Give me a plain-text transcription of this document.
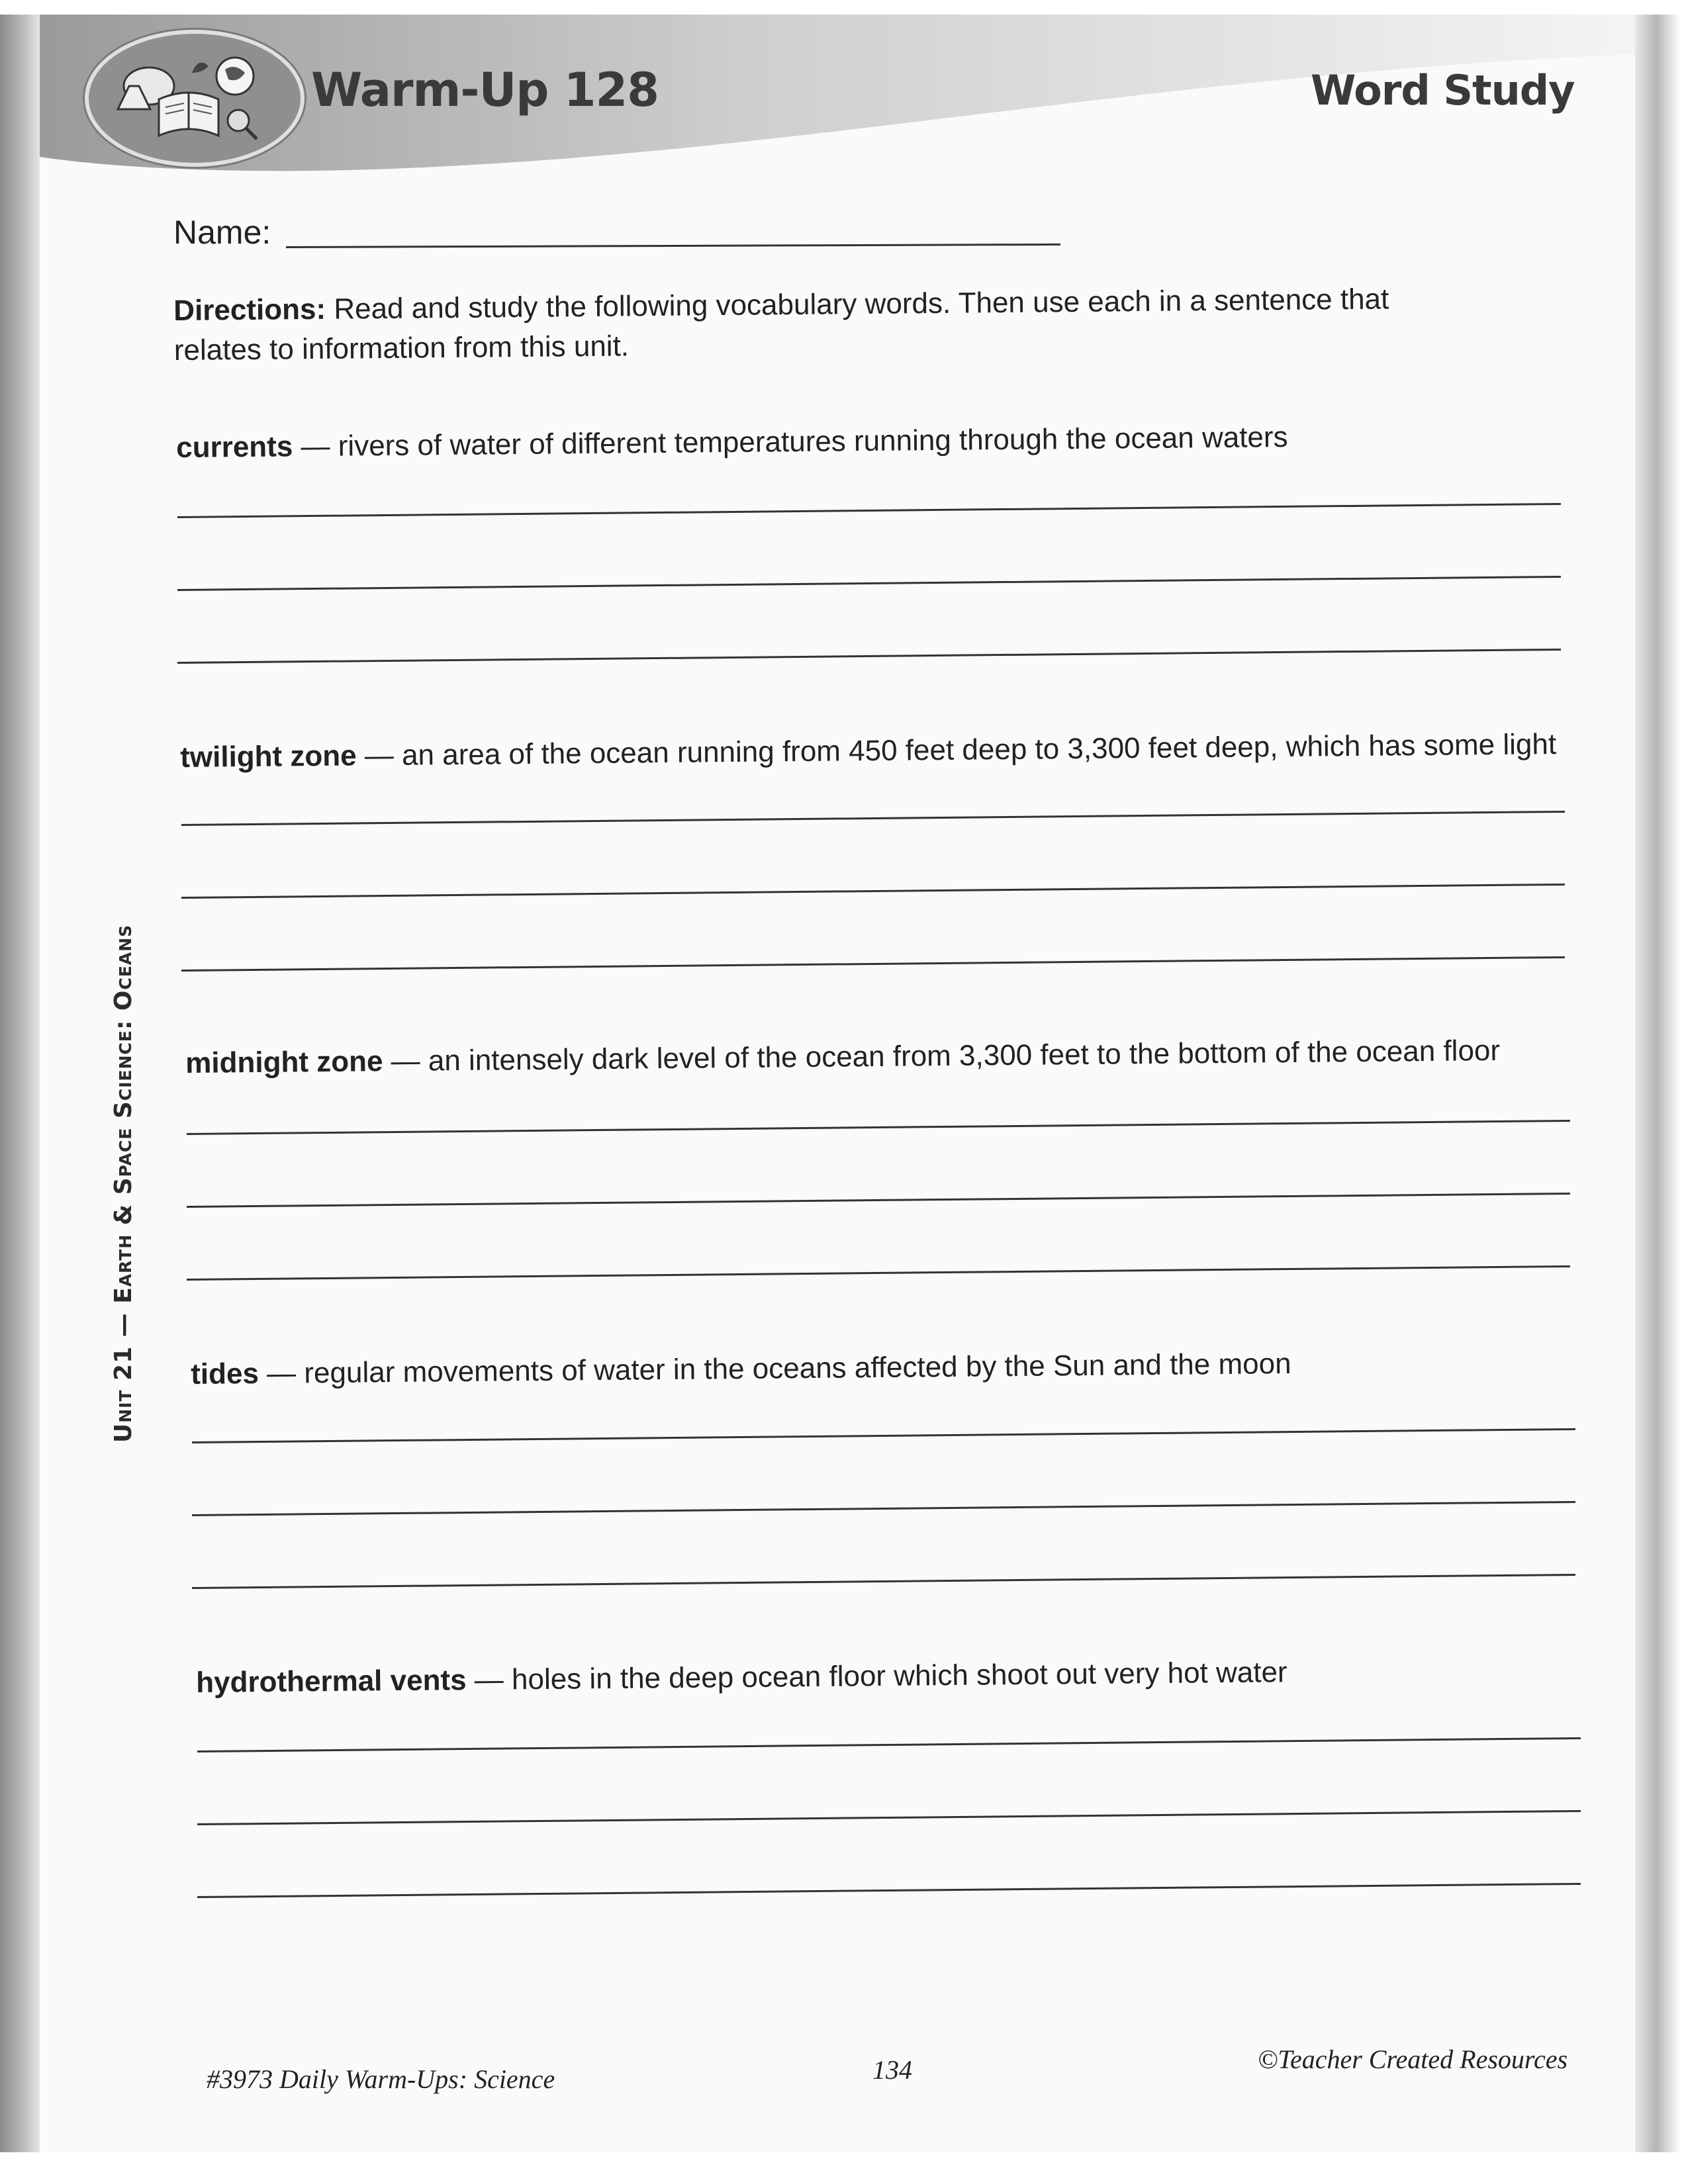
Warm-Up 128	Word Study
Name:
Directions: Read and study the following vocabulary words. Then use each in a sentence that relates to information from this unit.
currents — rivers of water of different temperatures running through the ocean waters
twilight zone — an area of the ocean running from 450 feet deep to 3,300 feet deep, which has some light
midnight zone — an intensely dark level of the ocean from 3,300 feet to the bottom of the ocean floor
tides — regular movements of water in the oceans affected by the Sun and the moon
hydrothermal vents — holes in the deep ocean floor which shoot out very hot water
Unit 21 — Earth & Space Science: Oceans
#3973 Daily Warm-Ups: Science	134	©Teacher Created Resources
